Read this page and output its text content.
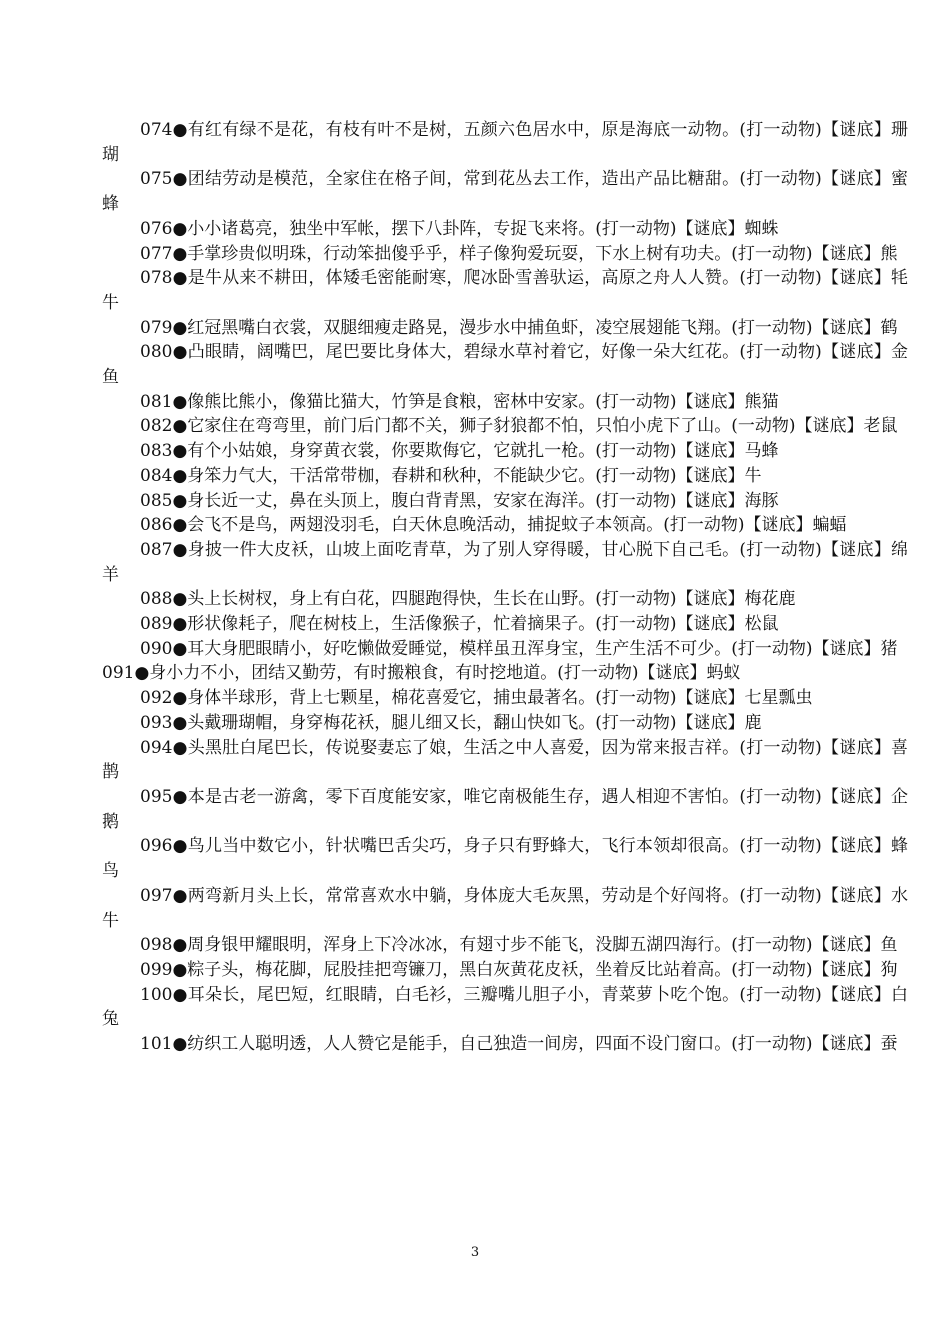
074●有红有绿不是花，有枝有叶不是树，五颜六色居水中，原是海底一动物。(打一动物)【谜底】珊瑚

075●团结劳动是模范，全家住在格子间，常到花丛去工作，造出产品比糖甜。(打一动物)【谜底】蜜蜂

076●小小诸葛亮，独坐中军帐，摆下八卦阵，专捉飞来将。(打一动物)【谜底】蜘蛛

077●手掌珍贵似明珠，行动笨拙傻乎乎，样子像狗爱玩耍，下水上树有功夫。(打一动物)【谜底】熊

078●是牛从来不耕田，体矮毛密能耐寒，爬冰卧雪善驮运，高原之舟人人赞。(打一动物)【谜底】牦牛

079●红冠黑嘴白衣裳，双腿细瘦走路晃，漫步水中捕鱼虾，凌空展翅能飞翔。(打一动物)【谜底】鹤

080●凸眼睛，阔嘴巴，尾巴要比身体大，碧绿水草衬着它，好像一朵大红花。(打一动物)【谜底】金鱼

081●像熊比熊小，像猫比猫大，竹笋是食粮，密林中安家。(打一动物)【谜底】熊猫

082●它家住在弯弯里，前门后门都不关，狮子豺狼都不怕，只怕小虎下了山。(一动物)【谜底】老鼠

083●有个小姑娘，身穿黄衣裳，你要欺侮它，它就扎一枪。(打一动物)【谜底】马蜂

084●身笨力气大，干活常带枷，春耕和秋种，不能缺少它。(打一动物)【谜底】牛

085●身长近一丈，鼻在头顶上，腹白背青黑，安家在海洋。(打一动物)【谜底】海豚

086●会飞不是鸟，两翅没羽毛，白天休息晚活动，捕捉蚊子本领高。(打一动物)【谜底】蝙蝠

087●身披一件大皮袄，山坡上面吃青草，为了别人穿得暖，甘心脱下自己毛。(打一动物)【谜底】绵羊

088●头上长树杈，身上有白花，四腿跑得快，生长在山野。(打一动物)【谜底】梅花鹿

089●形状像耗子，爬在树枝上，生活像猴子，忙着摘果子。(打一动物)【谜底】松鼠

090●耳大身肥眼睛小，好吃懒做爱睡觉，模样虽丑浑身宝，生产生活不可少。(打一动物)【谜底】猪

091●身小力不小，团结又勤劳，有时搬粮食，有时挖地道。(打一动物)【谜底】蚂蚁

092●身体半球形，背上七颗星，棉花喜爱它，捕虫最著名。(打一动物)【谜底】七星瓢虫

093●头戴珊瑚帽，身穿梅花袄，腿儿细又长，翻山快如飞。(打一动物)【谜底】鹿

094●头黑肚白尾巴长，传说娶妻忘了娘，生活之中人喜爱，因为常来报吉祥。(打一动物)【谜底】喜鹊

095●本是古老一游禽，零下百度能安家，唯它南极能生存，遇人相迎不害怕。(打一动物)【谜底】企鹅

096●鸟儿当中数它小，针状嘴巴舌尖巧，身子只有野蜂大，飞行本领却很高。(打一动物)【谜底】蜂鸟

097●两弯新月头上长，常常喜欢水中躺，身体庞大毛灰黑，劳动是个好闯将。(打一动物)【谜底】水牛

098●周身银甲耀眼明，浑身上下冷冰冰，有翅寸步不能飞，没脚五湖四海行。(打一动物)【谜底】鱼

099●粽子头，梅花脚，屁股挂把弯镰刀，黑白灰黄花皮袄，坐着反比站着高。(打一动物)【谜底】狗

100●耳朵长，尾巴短，红眼睛，白毛衫，三瓣嘴儿胆子小，青菜萝卜吃个饱。(打一动物)【谜底】白兔

101●纺织工人聪明透，人人赞它是能手，自己独造一间房，四面不设门窗口。(打一动物)【谜底】蚕

3
